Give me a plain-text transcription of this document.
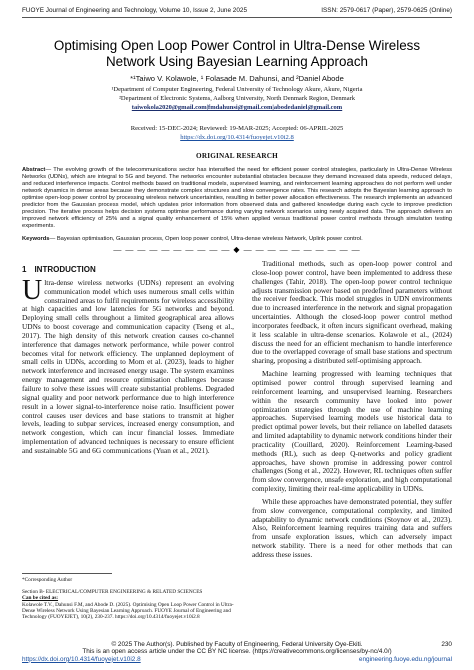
FUOYE Journal of Engineering and Technology, Volume 10, Issue 2, June 2025	ISSN: 2579-0617 (Paper), 2579-0625 (Online)
Optimising Open Loop Power Control in Ultra-Dense Wireless Network Using Bayesian Learning Approach
*¹Taiwo V. Kolawole, ¹ Folasade M. Dahunsi, and ²Daniel Abode
¹Department of Computer Engineering, Federal University of Technology Akure, Akure, Nigeria
²Department of Electronic Systems, Aalborg University, North Denmark Region, Denmark
taiwokola2020@gmail.com|fmdahunsi@gmail.com|abodedaniel@gmail.com
Received: 15-DEC-2024; Reviewed: 19-MAR-2025; Accepted: 06-APRIL-2025
https://dx.doi.org/10.4314/fuoyejet.v10i2.8
ORIGINAL RESEARCH
Abstract— The evolving growth of the telecommunications sector has intensified the need for efficient power control strategies, particularly in Ultra-Dense Wireless Networks (UDNs), which are integral to 5G and beyond. The networks encounter substantial obstacles because they demand increased data speeds, reduced delays, and reduced interference impacts. Control methods based on traditional models, supervised learning, and reinforcement learning approaches do not perform well under network dynamics in dense areas because they demonstrate complex structures and slow convergence rates. This research adopts the Bayesian learning approach to optimise open-loop power control by processing wireless network uncertainties, resulting in better power allocation effectiveness. The research implements an advanced predictor from the Gaussian process model, which updates prior information from observed data and gathered knowledge during each cycle to improve prediction precision. The iterative process helps decision systems optimise performance during varying network scenarios using newly acquired data. The approach delivers an improved network efficiency of 25% and a signal quality enhancement of 15% when applied versus traditional power control methods through simulation testing experiments.
Keywords— Bayesian optimisation, Gaussian process, Open loop power control, Ultra-dense wireless Network, Uplink power control.
— — — — — — — — — — ◆ — — — — — — — — — —
1 INTRODUCTION

Ultra-dense wireless networks (UDNs) represent an evolving communication model which uses numerous small cells within constrained areas to fulfil requirements for wireless accessibility at high capacities and low latencies for 5G networks and beyond. Deploying small cells throughout a limited geographical area allows UDNs to boost coverage and communication capacity (Tseng et al., 2017). The high density of this network creation causes co-channel interference that damages network performance, while power control becomes vital for network efficiency. The unplanned deployment of small cells in UDNs, according to Mom et al. (2023), leads to higher network interference and increased energy usage. The system examines energy management and resource optimisation challenges because failure to solve these issues will create substantial problems. Degraded signal quality and poor network performance due to high interference result in a lower signal-to-interference noise ratio. Insufficient power control causes user devices and base stations to transmit at higher levels, leading to subpar services, increased energy consumption, and network congestion, which can incur financial losses. Immediate implementation of advanced techniques is necessary to ensure efficient and sustainable 5G and 6G communications (Yuan et al., 2021).

Traditional methods, such as open-loop power control and close-loop power control, have been implemented to address these challenges (Tahir, 2018). The open-loop power control technique adjusts transmission power based on predefined parameters without the receiver feedback. This model struggles in UDN environments due to increased interference in the network and signal propagation uncertainties. Although the closed-loop power control method incorporates feedback, it often incurs significant overhead, making it less scalable in ultra-dense scenarios. Kolawole et al., (2024) discuss the need for an efficient mechanism to handle interference due to the overlapped coverage of small base stations and spectrum sharing, proposing a distributed self-optimising approach.

Machine learning progressed with learning techniques that optimised power control through supervised learning and reinforcement learning, and unsupervised learning. Researchers within the research community have looked into power optimization strategies through the use of machine learning approaches. Supervised learning models use historical data to predict optimal power levels, but their reliance on labelled datasets and limited adaptability to dynamic network conditions hinder their practicality (Couillard, 2020). Reinforcement Learning-based methods (RL), such as deep Q-networks and policy gradient approaches, have shown promise in addressing power control challenges (Song et al., 2022). However, RL techniques often suffer from slow convergence, unsafe exploration, and high computational complexity, limiting their real-time applicability in UDNs.

While these approaches have demonstrated potential, they suffer from slow convergence, computational complexity, and limited adaptability to dynamic network conditions (Stoynov et al., 2023). Also, Reinforcement learning requires training data and suffers from unsafe exploration issues, which can adversely impact network stability. There is a need for other methods that can address these issues.

*Corresponding Author
Section B- ELECTRICAL/COMPUTER ENGINEERING & RELATED SCIENCES
Can be cited as:
Kolawole T.V., Dahunsi F.M, and Abode D. (2025). Optimising Open Loop Power Control in Ultra-Dense Wireless Network Using Bayesian Learning Approach. FUOYE Journal of Engineering and Technology (FUOYEJET), 10(2), 230-237. https://doi.org/10.4314/fuoyejet.v10i2.8
© 2025 The Author(s). Published by Faculty of Engineering, Federal University Oye-Ekiti.	230
This is an open access article under the CC BY NC license. (https://creativecommons.org/licenses/by-nc/4.0/)
https://dx.doi.org/10.4314/fuoyejet.v10i2.8	engineering.fuoye.edu.ng/journal
